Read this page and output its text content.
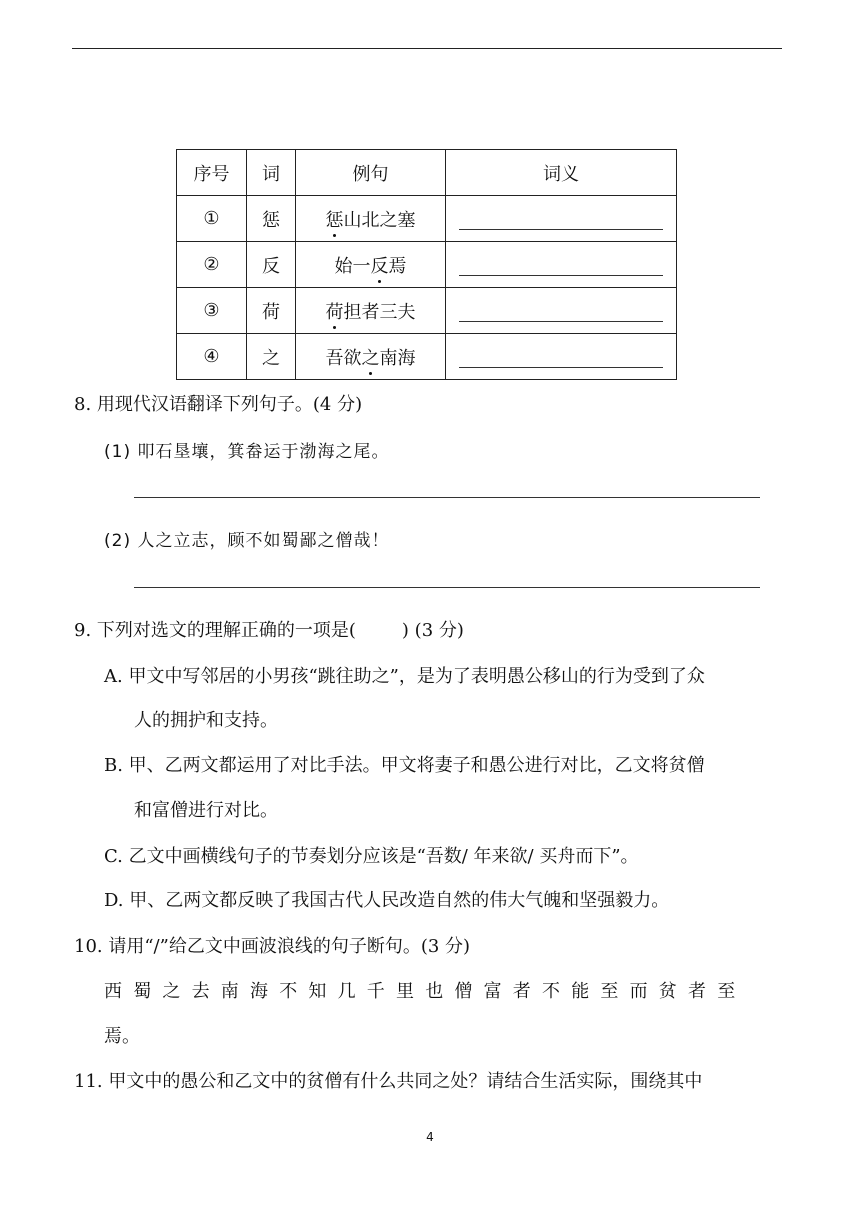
序号	词	例句	词义
①	惩	惩山北之塞	
②	反	始一反焉	
③	荷	荷担者三夫	
④	之	吾欲之南海	
8. 用现代汉语翻译下列句子。(4 分)
(1) 叩石垦壤，箕畚运于渤海之尾。
(2) 人之立志，顾不如蜀鄙之僧哉！
9. 下列对选文的理解正确的一项是(	) (3 分)
A. 甲文中写邻居的小男孩“跳往助之”，是为了表明愚公移山的行为受到了众
人的拥护和支持。
B. 甲、乙两文都运用了对比手法。甲文将妻子和愚公进行对比，乙文将贫僧
和富僧进行对比。
C. 乙文中画横线句子的节奏划分应该是“吾数/ 年来欲/ 买舟而下”。
D. 甲、乙两文都反映了我国古代人民改造自然的伟大气魄和坚强毅力。
10. 请用“/”给乙文中画波浪线的句子断句。(3 分)
西蜀之去南海不知几千里也僧富者不能至而贫者至
焉。
11. 甲文中的愚公和乙文中的贫僧有什么共同之处？请结合生活实际，围绕其中
4
